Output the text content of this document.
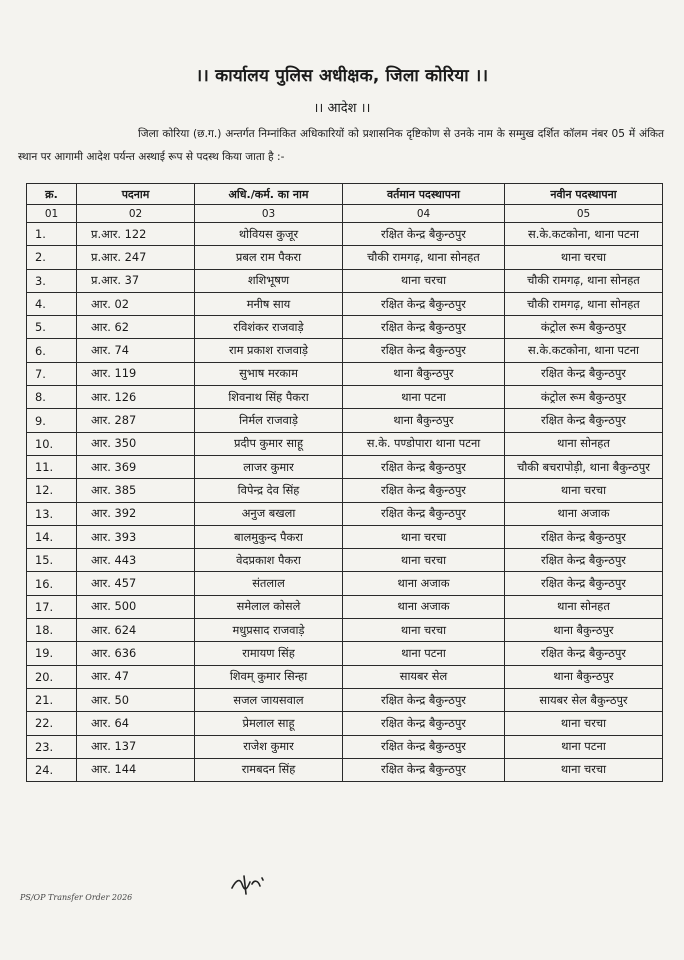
।। कार्यालय पुलिस अधीक्षक, जिला कोरिया ।।
।। आदेश ।।
जिला कोरिया (छ.ग.) अन्तर्गत निम्नांकित अधिकारियों को प्रशासनिक दृष्टिकोण से उनके नाम के सम्मुख दर्शित कॉलम नंबर 05 में अंकित स्थान पर आगामी आदेश पर्यन्त अस्थाई रूप से पदस्थ किया जाता है :-
क्र.	पदनाम	अधि./कर्म. का नाम	वर्तमान पदस्थापना	नवीन पदस्थापना
01	02	03	04	05
1.	प्र.आर. 122	थोवियस कुजूर	रक्षित केन्द्र बैकुन्ठपुर	स.के.कटकोना, थाना पटना
2.	प्र.आर. 247	प्रबल राम पैकरा	चौकी रामगढ़, थाना सोनहत	थाना चरचा
3.	प्र.आर. 37	शशिभूषण	थाना चरचा	चौकी रामगढ़, थाना सोनहत
4.	आर. 02	मनीष साय	रक्षित केन्द्र बैकुन्ठपुर	चौकी रामगढ़, थाना सोनहत
5.	आर. 62	रविशंकर राजवाड़े	रक्षित केन्द्र बैकुन्ठपुर	कंट्रोल रूम बैकुन्ठपुर
6.	आर. 74	राम प्रकाश राजवाड़े	रक्षित केन्द्र बैकुन्ठपुर	स.के.कटकोना, थाना पटना
7.	आर. 119	सुभाष मरकाम	थाना बैकुन्ठपुर	रक्षित केन्द्र बैकुन्ठपुर
8.	आर. 126	शिवनाथ सिंह पैकरा	थाना पटना	कंट्रोल रूम बैकुन्ठपुर
9.	आर. 287	निर्मल राजवाड़े	थाना बैकुन्ठपुर	रक्षित केन्द्र बैकुन्ठपुर
10.	आर. 350	प्रदीप कुमार साहू	स.के. पण्डोपारा थाना पटना	थाना सोनहत
11.	आर. 369	लाजर कुमार	रक्षित केन्द्र बैकुन्ठपुर	चौकी बचरापोड़ी, थाना बैकुन्ठपुर
12.	आर. 385	विपेन्द्र देव सिंह	रक्षित केन्द्र बैकुन्ठपुर	थाना चरचा
13.	आर. 392	अनुज बखला	रक्षित केन्द्र बैकुन्ठपुर	थाना अजाक
14.	आर. 393	बालमुकुन्द पैकरा	थाना चरचा	रक्षित केन्द्र बैकुन्ठपुर
15.	आर. 443	वेदप्रकाश पैकरा	थाना चरचा	रक्षित केन्द्र बैकुन्ठपुर
16.	आर. 457	संतलाल	थाना अजाक	रक्षित केन्द्र बैकुन्ठपुर
17.	आर. 500	समेलाल कोसले	थाना अजाक	थाना सोनहत
18.	आर. 624	मधुप्रसाद राजवाड़े	थाना चरचा	थाना बैकुन्ठपुर
19.	आर. 636	रामायण सिंह	थाना पटना	रक्षित केन्द्र बैकुन्ठपुर
20.	आर. 47	शिवम् कुमार सिन्हा	सायबर सेल	थाना बैकुन्ठपुर
21.	आर. 50	सजल जायसवाल	रक्षित केन्द्र बैकुन्ठपुर	सायबर सेल बैकुन्ठपुर
22.	आर. 64	प्रेमलाल साहू	रक्षित केन्द्र बैकुन्ठपुर	थाना चरचा
23.	आर. 137	राजेश कुमार	रक्षित केन्द्र बैकुन्ठपुर	थाना पटना
24.	आर. 144	रामबदन सिंह	रक्षित केन्द्र बैकुन्ठपुर	थाना चरचा
PS/OP Transfer Order 2026
